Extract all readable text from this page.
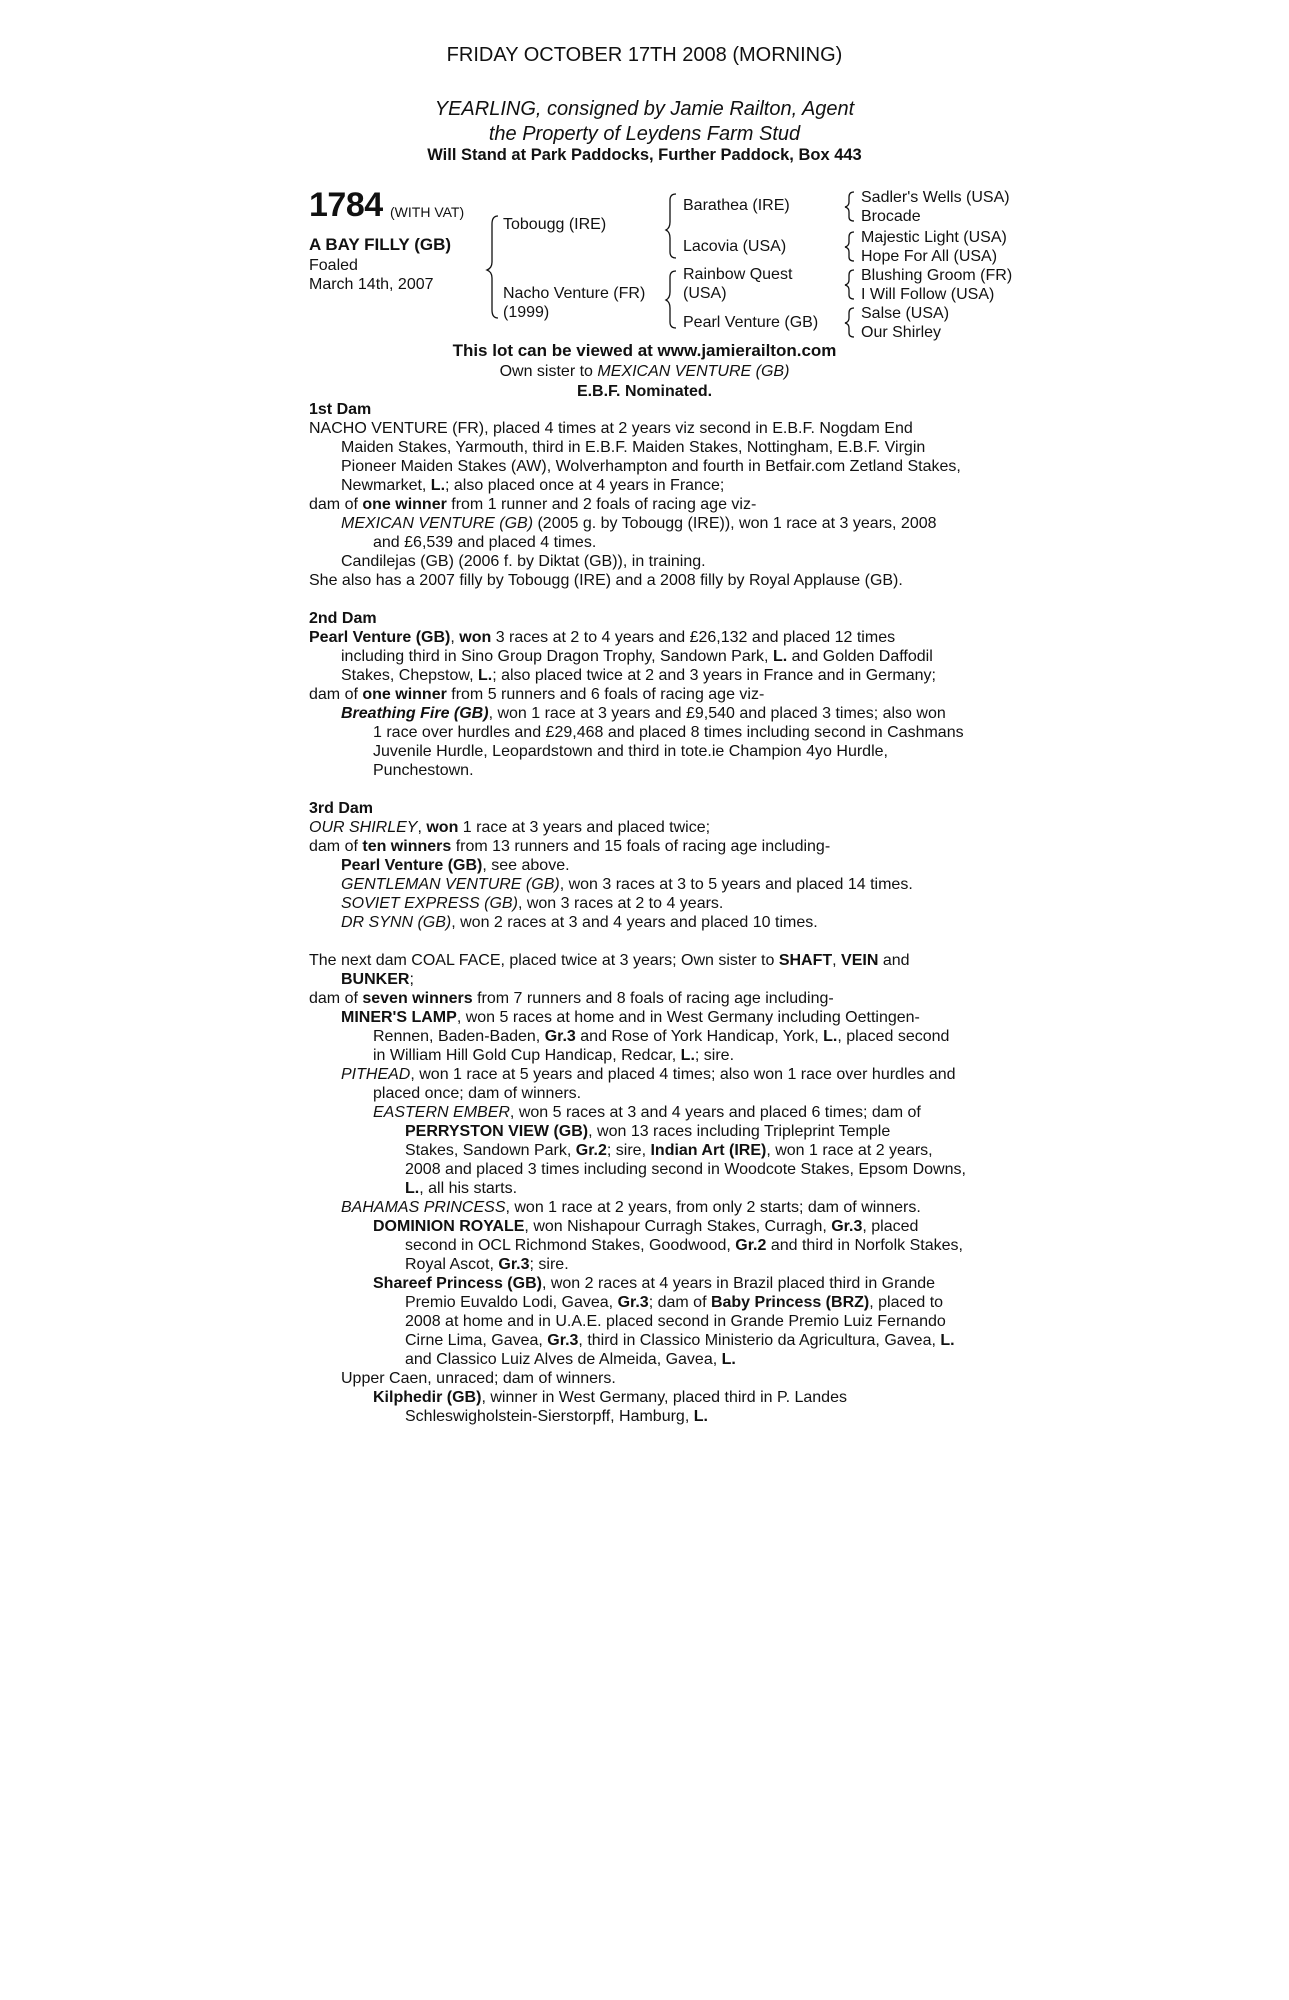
FRIDAY OCTOBER 17TH 2008 (MORNING)
YEARLING, consigned by Jamie Railton, Agent
the Property of Leydens Farm Stud
Will Stand at Park Paddocks, Further Paddock, Box 443
1784 (WITH VAT)
A BAY FILLY (GB)
Foaled
March 14th, 2007
Tobougg (IRE)
Nacho Venture (FR)
(1999)
Barathea (IRE)
Lacovia (USA)
Rainbow Quest
(USA)
Pearl Venture (GB)
Sadler's Wells (USA)
Brocade
Majestic Light (USA)
Hope For All (USA)
Blushing Groom (FR)
I Will Follow (USA)
Salse (USA)
Our Shirley
This lot can be viewed at www.jamierailton.com
Own sister to MEXICAN VENTURE (GB)
E.B.F. Nominated.
1st Dam
NACHO VENTURE (FR), placed 4 times at 2 years viz second in E.B.F. Nogdam End
Maiden Stakes, Yarmouth, third in E.B.F. Maiden Stakes, Nottingham, E.B.F. Virgin
Pioneer Maiden Stakes (AW), Wolverhampton and fourth in Betfair.com Zetland Stakes,
Newmarket, L.; also placed once at 4 years in France;
dam of one winner from 1 runner and 2 foals of racing age viz-
MEXICAN VENTURE (GB) (2005 g. by Tobougg (IRE)), won 1 race at 3 years, 2008
and £6,539 and placed 4 times.
Candilejas (GB) (2006 f. by Diktat (GB)), in training.
She also has a 2007 filly by Tobougg (IRE) and a 2008 filly by Royal Applause (GB).
2nd Dam
Pearl Venture (GB), won 3 races at 2 to 4 years and £26,132 and placed 12 times
including third in Sino Group Dragon Trophy, Sandown Park, L. and Golden Daffodil
Stakes, Chepstow, L.; also placed twice at 2 and 3 years in France and in Germany;
dam of one winner from 5 runners and 6 foals of racing age viz-
Breathing Fire (GB), won 1 race at 3 years and £9,540 and placed 3 times; also won
1 race over hurdles and £29,468 and placed 8 times including second in Cashmans
Juvenile Hurdle, Leopardstown and third in tote.ie Champion 4yo Hurdle,
Punchestown.
3rd Dam
OUR SHIRLEY, won 1 race at 3 years and placed twice;
dam of ten winners from 13 runners and 15 foals of racing age including-
Pearl Venture (GB), see above.
GENTLEMAN VENTURE (GB), won 3 races at 3 to 5 years and placed 14 times.
SOVIET EXPRESS (GB), won 3 races at 2 to 4 years.
DR SYNN (GB), won 2 races at 3 and 4 years and placed 10 times.
The next dam COAL FACE, placed twice at 3 years; Own sister to SHAFT, VEIN and
BUNKER;
dam of seven winners from 7 runners and 8 foals of racing age including-
MINER'S LAMP, won 5 races at home and in West Germany including Oettingen-
Rennen, Baden-Baden, Gr.3 and Rose of York Handicap, York, L., placed second
in William Hill Gold Cup Handicap, Redcar, L.; sire.
PITHEAD, won 1 race at 5 years and placed 4 times; also won 1 race over hurdles and
placed once; dam of winners.
EASTERN EMBER, won 5 races at 3 and 4 years and placed 6 times; dam of
PERRYSTON VIEW (GB), won 13 races including Tripleprint Temple
Stakes, Sandown Park, Gr.2; sire, Indian Art (IRE), won 1 race at 2 years,
2008 and placed 3 times including second in Woodcote Stakes, Epsom Downs,
L., all his starts.
BAHAMAS PRINCESS, won 1 race at 2 years, from only 2 starts; dam of winners.
DOMINION ROYALE, won Nishapour Curragh Stakes, Curragh, Gr.3, placed
second in OCL Richmond Stakes, Goodwood, Gr.2 and third in Norfolk Stakes,
Royal Ascot, Gr.3; sire.
Shareef Princess (GB), won 2 races at 4 years in Brazil placed third in Grande
Premio Euvaldo Lodi, Gavea, Gr.3; dam of Baby Princess (BRZ), placed to
2008 at home and in U.A.E. placed second in Grande Premio Luiz Fernando
Cirne Lima, Gavea, Gr.3, third in Classico Ministerio da Agricultura, Gavea, L.
and Classico Luiz Alves de Almeida, Gavea, L.
Upper Caen, unraced; dam of winners.
Kilphedir (GB), winner in West Germany, placed third in P. Landes
Schleswigholstein-Sierstorpff, Hamburg, L.
